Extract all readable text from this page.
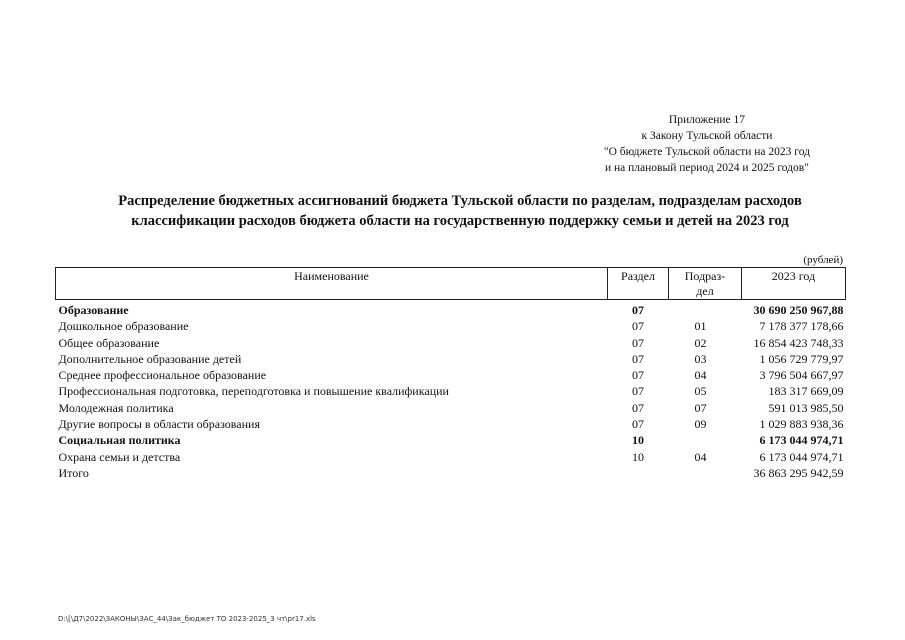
Приложение 17
к Закону Тульской области
"О бюджете Тульской области на 2023 год
и на плановый период 2024 и 2025 годов"
Распределение бюджетных ассигнований бюджета Тульской области по разделам, подразделам расходов
классификации расходов бюджета области на государственную поддержку семьи и детей на 2023 год
(рублей)
Наименование	Раздел	Подраз-дел	2023 год
Образование	07		30 690 250 967,88
Дошкольное образование	07	01	7 178 377 178,66
Общее образование	07	02	16 854 423 748,33
Дополнительное образование детей	07	03	1 056 729 779,97
Среднее профессиональное образование	07	04	3 796 504 667,97
Профессиональная подготовка, переподготовка и повышение квалификации	07	05	183 317 669,09
Молодежная политика	07	07	591 013 985,50
Другие вопросы в области образования	07	09	1 029 883 938,36
Социальная политика	10		6 173 044 974,71
Охрана семьи и детства	10	04	6 173 044 974,71
Итого			36 863 295 942,59
D:\[\Д7\2022\ЗАКОНЫ\ЗАС_44\Зак_бюджет ТО 2023-2025_3 чт\pr17.xls
